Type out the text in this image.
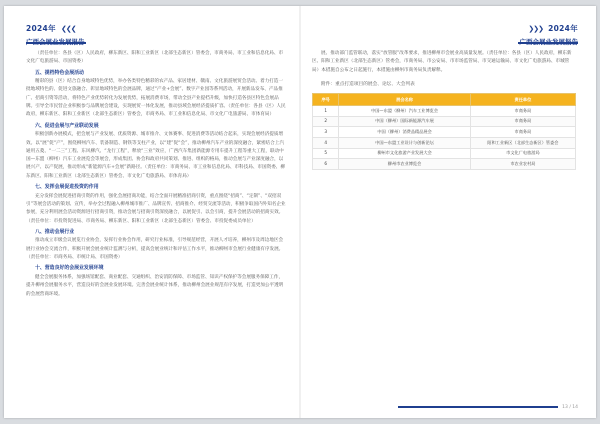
2024年 ❮❮❮

（责任单位：各县（区）人民政府，柳东新区、阳和工业新区（北部生态新区）管委会，市商务局、市工业和信息化局、市文化广电旅游局、市国资委）

五、提档特色会展活动

精彩的县（区）结合自身地域特色优势，举办各类特色精彩的农产品、家居建材、赣南、文化旅游展贸会活动。着力打造一批地域特色的、促进文旅融合、彰显地域特色的会展品牌，通过“产业+会展”、数字产业园等系列活动，开展新品发布、产品推广、招商引资等活动，将特色产业优势转化为发展优势，拓展消费市场，带动全县产业提档升级，加快打造各县区特色会展品牌。引导全市民营企业积极参与品牌展会建设，实现展贸一体化发展，推动县域会展经济提质扩容。（责任单位：各县（区）人民政府，柳东新区、阳和工业新区（北部生态新区）管委会，市商务局、市工业和信息化局、市文化广电旅游局、市体育局）

六、促进会展与产业联动发展

积极创新办展模式，把会展与产业发展、优质资源、城市推介、文体赛事、促进消费等活动结合起来，实现会展经济提质增效。以“展”促“产”，围绕柳州汽车、装备制造、钢铁等支柱产业，以“建”促“会”，推动柳州汽车产业的深度融合，紧密结合上汽通用五菱、“一二三”工程、东风柳汽、“龙行工程”，释放“三业”效应，广西汽车集团新能源专用车提升工程等重大工程，联动中国—东盟（柳州）汽车工业展览会等展会，形成集团、协会和政府共同策划、推进、组织的格局，推动会展与产业深度融合，以展兴产、以产促展，推动形成“新能源汽车+会展”新路径。（责任单位：市商务局、市工业和信息化局、市科技局、市国资委、柳东新区、阳和工业新区（北部生态新区）管委会、市文化广电旅游局、市体育局）

七、发挥会展促进投资的作用

充分发挥会展促进招商引资的作用，强化会展招商功能，结合全面开展精准招商引资，重点围绕“招商”、“定制”、“双招双引”等展会活动的策划、宣传，举办全过程融入柳州城市推广、品牌宣传、招商推介、经贸交流等活动，积极争取国内外知名企业参展，充分利用展会活动资源进行招商引资，推动会展与招商引资深度融合，以展促引、以会引商，提升会展活动的招商实效。（责任单位：市投资促进局、市商务局、柳东新区、阳和工业新区（北部生态新区）管委会、市投促委成员单位）

八、推动会展行业

推动成立市级会议展览行业协会，发挥行业协会作用，研究行业标准，引导规范经营，开展人才培养，柳州市及周边地区会展行业协会交流合作，积极开展会展业统计监测与分析，提高会展业统计和评估工作水平，推动柳州市会展行业健康有序发展。（责任单位：市商务局、市统计局、市国资委）

十、营造良好的会展业发展环境

健全会展服务体系，加强场馆配套、商业配套、交通组织、治安消防保障、市场监管、知识产权保护等会展服务保障工作，提升柳州会展服务水平，营造良好的会展业发展环境。完善会展业统计体系，推动柳州会展业规范有序发展，打造更加公平透明的会展营商环境。

❯❯❯ 2024年

展、推动部门监管联动，落实“放管服”改革要求，推进柳州市会展业高质量发展。（责任单位：各县（区）人民政府，柳东新区、阳和工业新区（北部生态新区）管委会，市商务局、市公安局、市市场监管局、市交通运输局、市文化广电旅游局、市城管局）本措施自公布之日起施行，本措施由柳州市商务局负责解释。

附件：重点打造项目的展会、论坛、大会列表
序号	展会名称	责任单位
1	中国—东盟（柳州）汽车工业博览会	市商务局
2	中国（柳州）国际新能源汽车展	市商务局
3	中国（柳州）消费品精品展会	市商务局
4	中国—东盟工业设计与创新论坛	阳和工业新区（北部生态新区）管委会
5	柳州市文化旅游产业发展大会	市文化广电旅游局
6	柳州市农业博览会	市农业农村局
13 / 14
